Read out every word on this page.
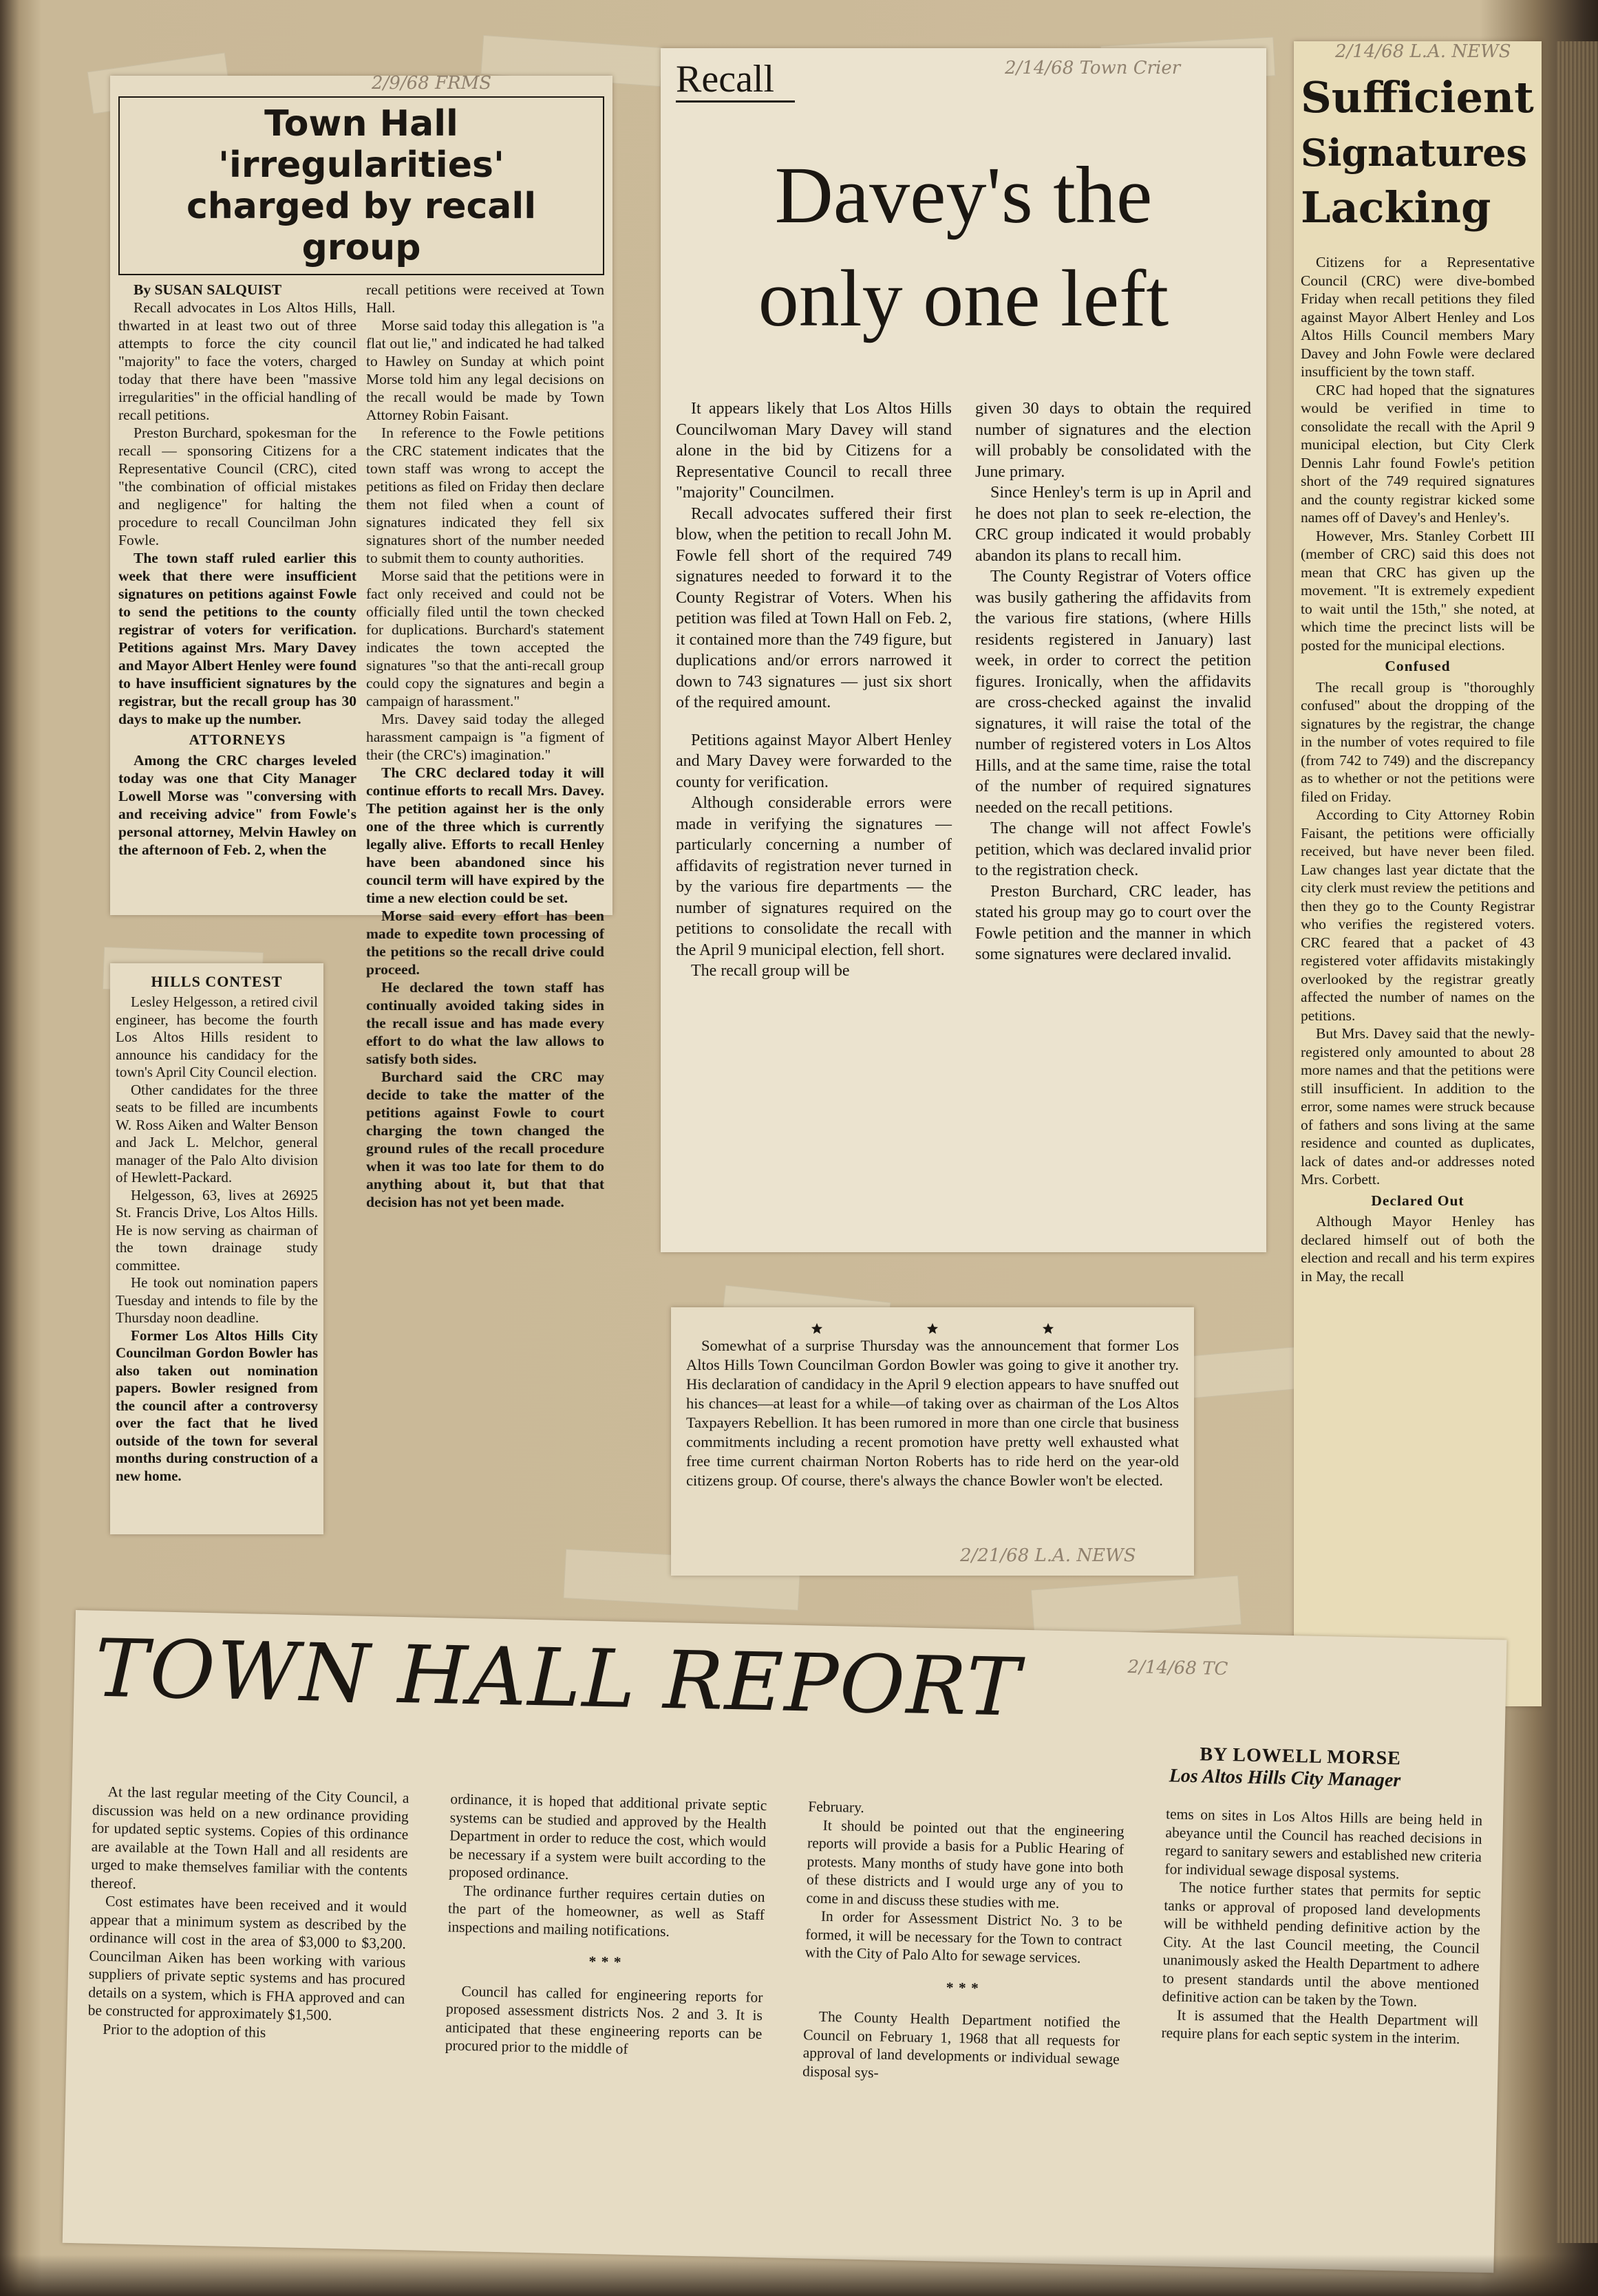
2/9/68 FRMS
Town Hall 'irregularities'
charged by recall group

By SUSAN SALQUIST

Recall advocates in Los Altos Hills, thwarted in at least two out of three attempts to force the city council "majority" to face the voters, charged today that there have been "massive irregularities" in the official handling of recall petitions.

Preston Burchard, spokesman for the recall — sponsoring Citizens for a Representative Council (CRC), cited "the combination of official mistakes and negligence" for halting the procedure to recall Councilman John Fowle.

The town staff ruled earlier this week that there were insufficient signatures on petitions against Fowle to send the petitions to the county registrar of voters for verification. Petitions against Mrs. Mary Davey and Mayor Albert Henley were found to have insufficient signatures by the registrar, but the recall group has 30 days to make up the number.

ATTORNEYS

Among the CRC charges leveled today was one that City Manager Lowell Morse was "conversing with and receiving advice" from Fowle's personal attorney, Melvin Hawley on the afternoon of Feb. 2, when the

recall petitions were received at Town Hall.

Morse said today this allegation is "a flat out lie," and indicated he had talked to Hawley on Sunday at which point Morse told him any legal decisions on the recall would be made by Town Attorney Robin Faisant.

In reference to the Fowle petitions the CRC statement indicates that the town staff was wrong to accept the petitions as filed on Friday then declare them not filed when a count of signatures indicated they fell six signatures short of the number needed to submit them to county authorities.

Morse said that the petitions were in fact only received and could not be officially filed until the town checked for duplications. Burchard's statement indicates the town accepted the signatures "so that the anti-recall group could copy the signatures and begin a campaign of harassment."

Mrs. Davey said today the alleged harassment campaign is "a figment of their (the CRC's) imagination."

The CRC declared today it will continue efforts to recall Mrs. Davey. The petition against her is the only one of the three which is currently legally alive. Efforts to recall Henley have been abandoned since his council term will have expired by the time a new election could be set.

Morse said every effort has been made to expedite town processing of the petitions so the recall drive could proceed.

He declared the town staff has continually avoided taking sides in the recall issue and has made every effort to do what the law allows to satisfy both sides.

Burchard said the CRC may decide to take the matter of the petitions against Fowle to court charging the town changed the ground rules of the recall procedure when it was too late for them to do anything about it, but that that decision has not yet been made.

HILLS CONTEST

Lesley Helgesson, a retired civil engineer, has become the fourth Los Altos Hills resident to announce his candidacy for the town's April City Council election.

Other candidates for the three seats to be filled are incumbents W. Ross Aiken and Walter Benson and Jack L. Melchor, general manager of the Palo Alto division of Hewlett-Packard.

Helgesson, 63, lives at 26925 St. Francis Drive, Los Altos Hills. He is now serving as chairman of the town drainage study committee.

He took out nomination papers Tuesday and intends to file by the Thursday noon deadline.

Former Los Altos Hills City Councilman Gordon Bowler has also taken out nomination papers. Bowler resigned from the council after a controversy over the fact that he lived outside of the town for several months during construction of a new home.

Recall	2/14/68 Town Crier
Davey's the
only one left

It appears likely that Los Altos Hills Councilwoman Mary Davey will stand alone in the bid by Citizens for a Representative Council to recall three "majority" Councilmen.

Recall advocates suffered their first blow, when the petition to recall John M. Fowle fell short of the required 749 signatures needed to forward it to the County Registrar of Voters. When his petition was filed at Town Hall on Feb. 2, it contained more than the 749 figure, but duplications and/or errors narrowed it down to 743 signatures — just six short of the required amount.

Petitions against Mayor Albert Henley and Mary Davey were forwarded to the county for verification.

Although considerable errors were made in verifying the signatures — particularly concerning a number of affidavits of registration never turned in by the various fire departments — the number of signatures required on the petitions to consolidate the recall with the April 9 municipal election, fell short.

The recall group will be

given 30 days to obtain the required number of signatures and the election will probably be consolidated with the June primary.

Since Henley's term is up in April and he does not plan to seek re-election, the CRC group indicated it would probably abandon its plans to recall him.

The County Registrar of Voters office was busily gathering the affidavits from the various fire stations, (where Hills residents registered in January) last week, in order to correct the petition figures. Ironically, when the affidavits are cross-checked against the invalid signatures, it will raise the total of the number of registered voters in Los Altos Hills, and at the same time, raise the total of the number of required signatures needed on the recall petitions.

The change will not affect Fowle's petition, which was declared invalid prior to the registration check.

Preston Burchard, CRC leader, has stated his group may go to court over the Fowle petition and the manner in which some signatures were declared invalid.

Somewhat of a surprise Thursday was the announcement that former Los Altos Hills Town Councilman Gordon Bowler was going to give it another try. His declaration of candidacy in the April 9 election appears to have snuffed out his chances—at least for a while—of taking over as chairman of the Los Altos Taxpayers Rebellion. It has been rumored in more than one circle that business commitments including a recent promotion have pretty well exhausted what free time current chairman Norton Roberts has to ride herd on the year-old citizens group. Of course, there's always the chance Bowler won't be elected.

2/21/68 L.A. NEWS
2/14/68 L.A. NEWS
Sufficient
Signatures
Lacking

Citizens for a Representative Council (CRC) were dive-bombed Friday when recall petitions they filed against Mayor Albert Henley and Los Altos Hills Council members Mary Davey and John Fowle were declared insufficient by the town staff.

CRC had hoped that the signatures would be verified in time to consolidate the recall with the April 9 municipal election, but City Clerk Dennis Lahr found Fowle's petition short of the 749 required signatures and the county registrar kicked some names off of Davey's and Henley's.

However, Mrs. Stanley Corbett III (member of CRC) said this does not mean that CRC has given up the movement. "It is extremely expedient to wait until the 15th," she noted, at which time the precinct lists will be posted for the municipal elections.

Confused

The recall group is "thoroughly confused" about the dropping of the signatures by the registrar, the change in the number of votes required to file (from 742 to 749) and the discrepancy as to whether or not the petitions were filed on Friday.

According to City Attorney Robin Faisant, the petitions were officially received, but have never been filed. Law changes last year dictate that the city clerk must review the petitions and then they go to the County Registrar who verifies the registered voters. CRC feared that a packet of 43 registered voter affidavits mistakingly overlooked by the registrar greatly affected the number of names on the petitions.

But Mrs. Davey said that the newly-registered only amounted to about 28 more names and that the petitions were still insufficient. In addition to the error, some names were struck because of fathers and sons living at the same residence and counted as duplicates, lack of dates and-or addresses noted Mrs. Corbett.

Declared Out

Although Mayor Henley has declared himself out of both the election and recall and his term expires in May, the recall

2/14/68 TC
TOWN HALL REPORT
BY LOWELL MORSE
Los Altos Hills City Manager

At the last regular meeting of the City Council, a discussion was held on a new ordinance providing for updated septic systems. Copies of this ordinance are available at the Town Hall and all residents are urged to make themselves familiar with the contents thereof.

Cost estimates have been received and it would appear that a minimum system as described by the ordinance will cost in the area of $3,000 to $3,200. Councilman Aiken has been working with various suppliers of private septic systems and has procured details on a system, which is FHA approved and can be constructed for approximately $1,500.

Prior to the adoption of this

ordinance, it is hoped that additional private septic systems can be studied and approved by the Health Department in order to reduce the cost, which would be necessary if a system were built according to the proposed ordinance.

The ordinance further requires certain duties on the part of the homeowner, as well as Staff inspections and mailing notifications.

* * *

Council has called for engineering reports for proposed assessment districts Nos. 2 and 3. It is anticipated that these engineering reports can be procured prior to the middle of

February.

It should be pointed out that the engineering reports will provide a basis for a Public Hearing of protests. Many months of study have gone into both of these districts and I would urge any of you to come in and discuss these studies with me.

In order for Assessment District No. 3 to be formed, it will be necessary for the Town to contract with the City of Palo Alto for sewage services.

* * *

The County Health Department notified the Council on February 1, 1968 that all requests for approval of land developments or individual sewage disposal sys-

tems on sites in Los Altos Hills are being held in abeyance until the Council has reached decisions in regard to sanitary sewers and established new criteria for individual sewage disposal systems.

The notice further states that permits for septic tanks or approval of proposed land developments will be withheld pending definitive action by the City. At the last Council meeting, the Council unanimously asked the Health Department to adhere to present standards until the above mentioned definitive action can be taken by the Town.

It is assumed that the Health Department will require plans for each septic system in the interim.
